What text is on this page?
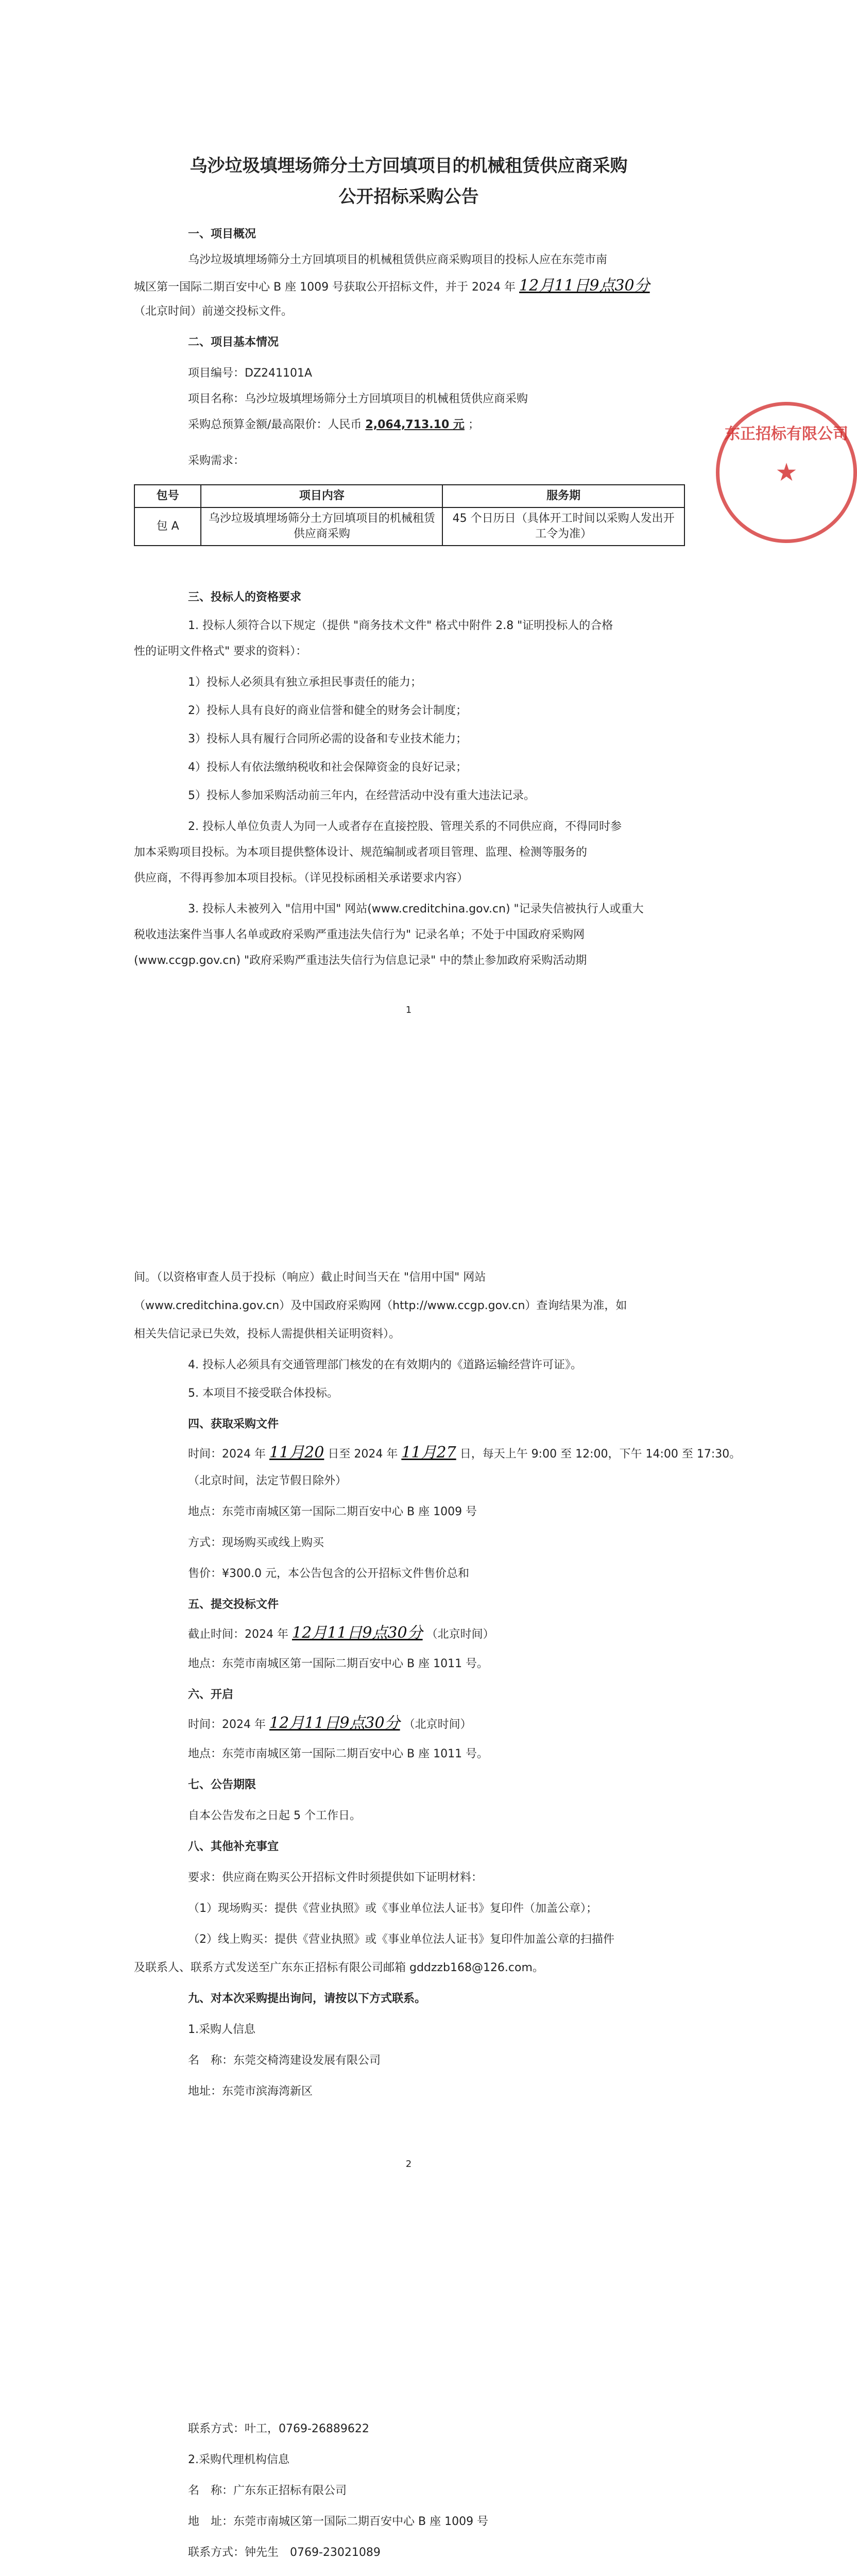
乌沙垃圾填埋场筛分土方回填项目的机械租赁供应商采购
公开招标采购公告
一、项目概况
乌沙垃圾填埋场筛分土方回填项目的机械租赁供应商采购项目的投标人应在东莞市南
城区第一国际二期百安中心 B 座 1009 号获取公开招标文件，并于 2024 年 12月11日9点30分
（北京时间）前递交投标文件。
二、项目基本情况
项目编号：DZ241101A
项目名称：乌沙垃圾填埋场筛分土方回填项目的机械租赁供应商采购
采购总预算金额/最高限价：人民币 2,064,713.10 元 ；
采购需求：
包号	项目内容	服务期
包 A	乌沙垃圾填埋场筛分土方回填项目的机械租赁供应商采购	45 个日历日（具体开工时间以采购人发出开工令为准）
三、投标人的资格要求
1. 投标人须符合以下规定（提供 "商务技术文件" 格式中附件 2.8 "证明投标人的合格
性的证明文件格式" 要求的资料）：
1）投标人必须具有独立承担民事责任的能力；
2）投标人具有良好的商业信誉和健全的财务会计制度；
3）投标人具有履行合同所必需的设备和专业技术能力；
4）投标人有依法缴纳税收和社会保障资金的良好记录；
5）投标人参加采购活动前三年内，在经营活动中没有重大违法记录。
2. 投标人单位负责人为同一人或者存在直接控股、管理关系的不同供应商，不得同时参
加本采购项目投标。为本项目提供整体设计、规范编制或者项目管理、监理、检测等服务的
供应商，不得再参加本项目投标。（详见投标函相关承诺要求内容）
3. 投标人未被列入 "信用中国" 网站(www.creditchina.gov.cn) "记录失信被执行人或重大
税收违法案件当事人名单或政府采购严重违法失信行为" 记录名单；不处于中国政府采购网
(www.ccgp.gov.cn) "政府采购严重违法失信行为信息记录" 中的禁止参加政府采购活动期
东正招标有限公司
★
1
间。（以资格审查人员于投标（响应）截止时间当天在 "信用中国" 网站
（www.creditchina.gov.cn）及中国政府采购网（http://www.ccgp.gov.cn）查询结果为准，如
相关失信记录已失效，投标人需提供相关证明资料）。
4. 投标人必须具有交通管理部门核发的在有效期内的《道路运输经营许可证》。
5. 本项目不接受联合体投标。
四、获取采购文件
时间：2024 年 11月20 日至 2024 年 11月27 日，每天上午 9:00 至 12:00，下午 14:00 至 17:30。
（北京时间，法定节假日除外）
地点：东莞市南城区第一国际二期百安中心 B 座 1009 号
方式：现场购买或线上购买
售价：¥300.0 元，本公告包含的公开招标文件售价总和
五、提交投标文件
截止时间：2024 年 12月11日9点30分 （北京时间）
地点：东莞市南城区第一国际二期百安中心 B 座 1011 号。
六、开启
时间：2024 年 12月11日9点30分 （北京时间）
地点：东莞市南城区第一国际二期百安中心 B 座 1011 号。
七、公告期限
自本公告发布之日起 5 个工作日。
八、其他补充事宜
要求：供应商在购买公开招标文件时须提供如下证明材料：
（1）现场购买：提供《营业执照》或《事业单位法人证书》复印件（加盖公章）；
（2）线上购买：提供《营业执照》或《事业单位法人证书》复印件加盖公章的扫描件
及联系人、联系方式发送至广东东正招标有限公司邮箱 gddzzb168@126.com。
九、对本次采购提出询问，请按以下方式联系。
1.采购人信息
名　称：东莞交椅湾建设发展有限公司
地址：东莞市滨海湾新区
2
联系方式：叶工，0769-26889622
2.采购代理机构信息
名　称：广东东正招标有限公司
地　址：东莞市南城区第一国际二期百安中心 B 座 1009 号
联系方式：钟先生　0769-23021089
